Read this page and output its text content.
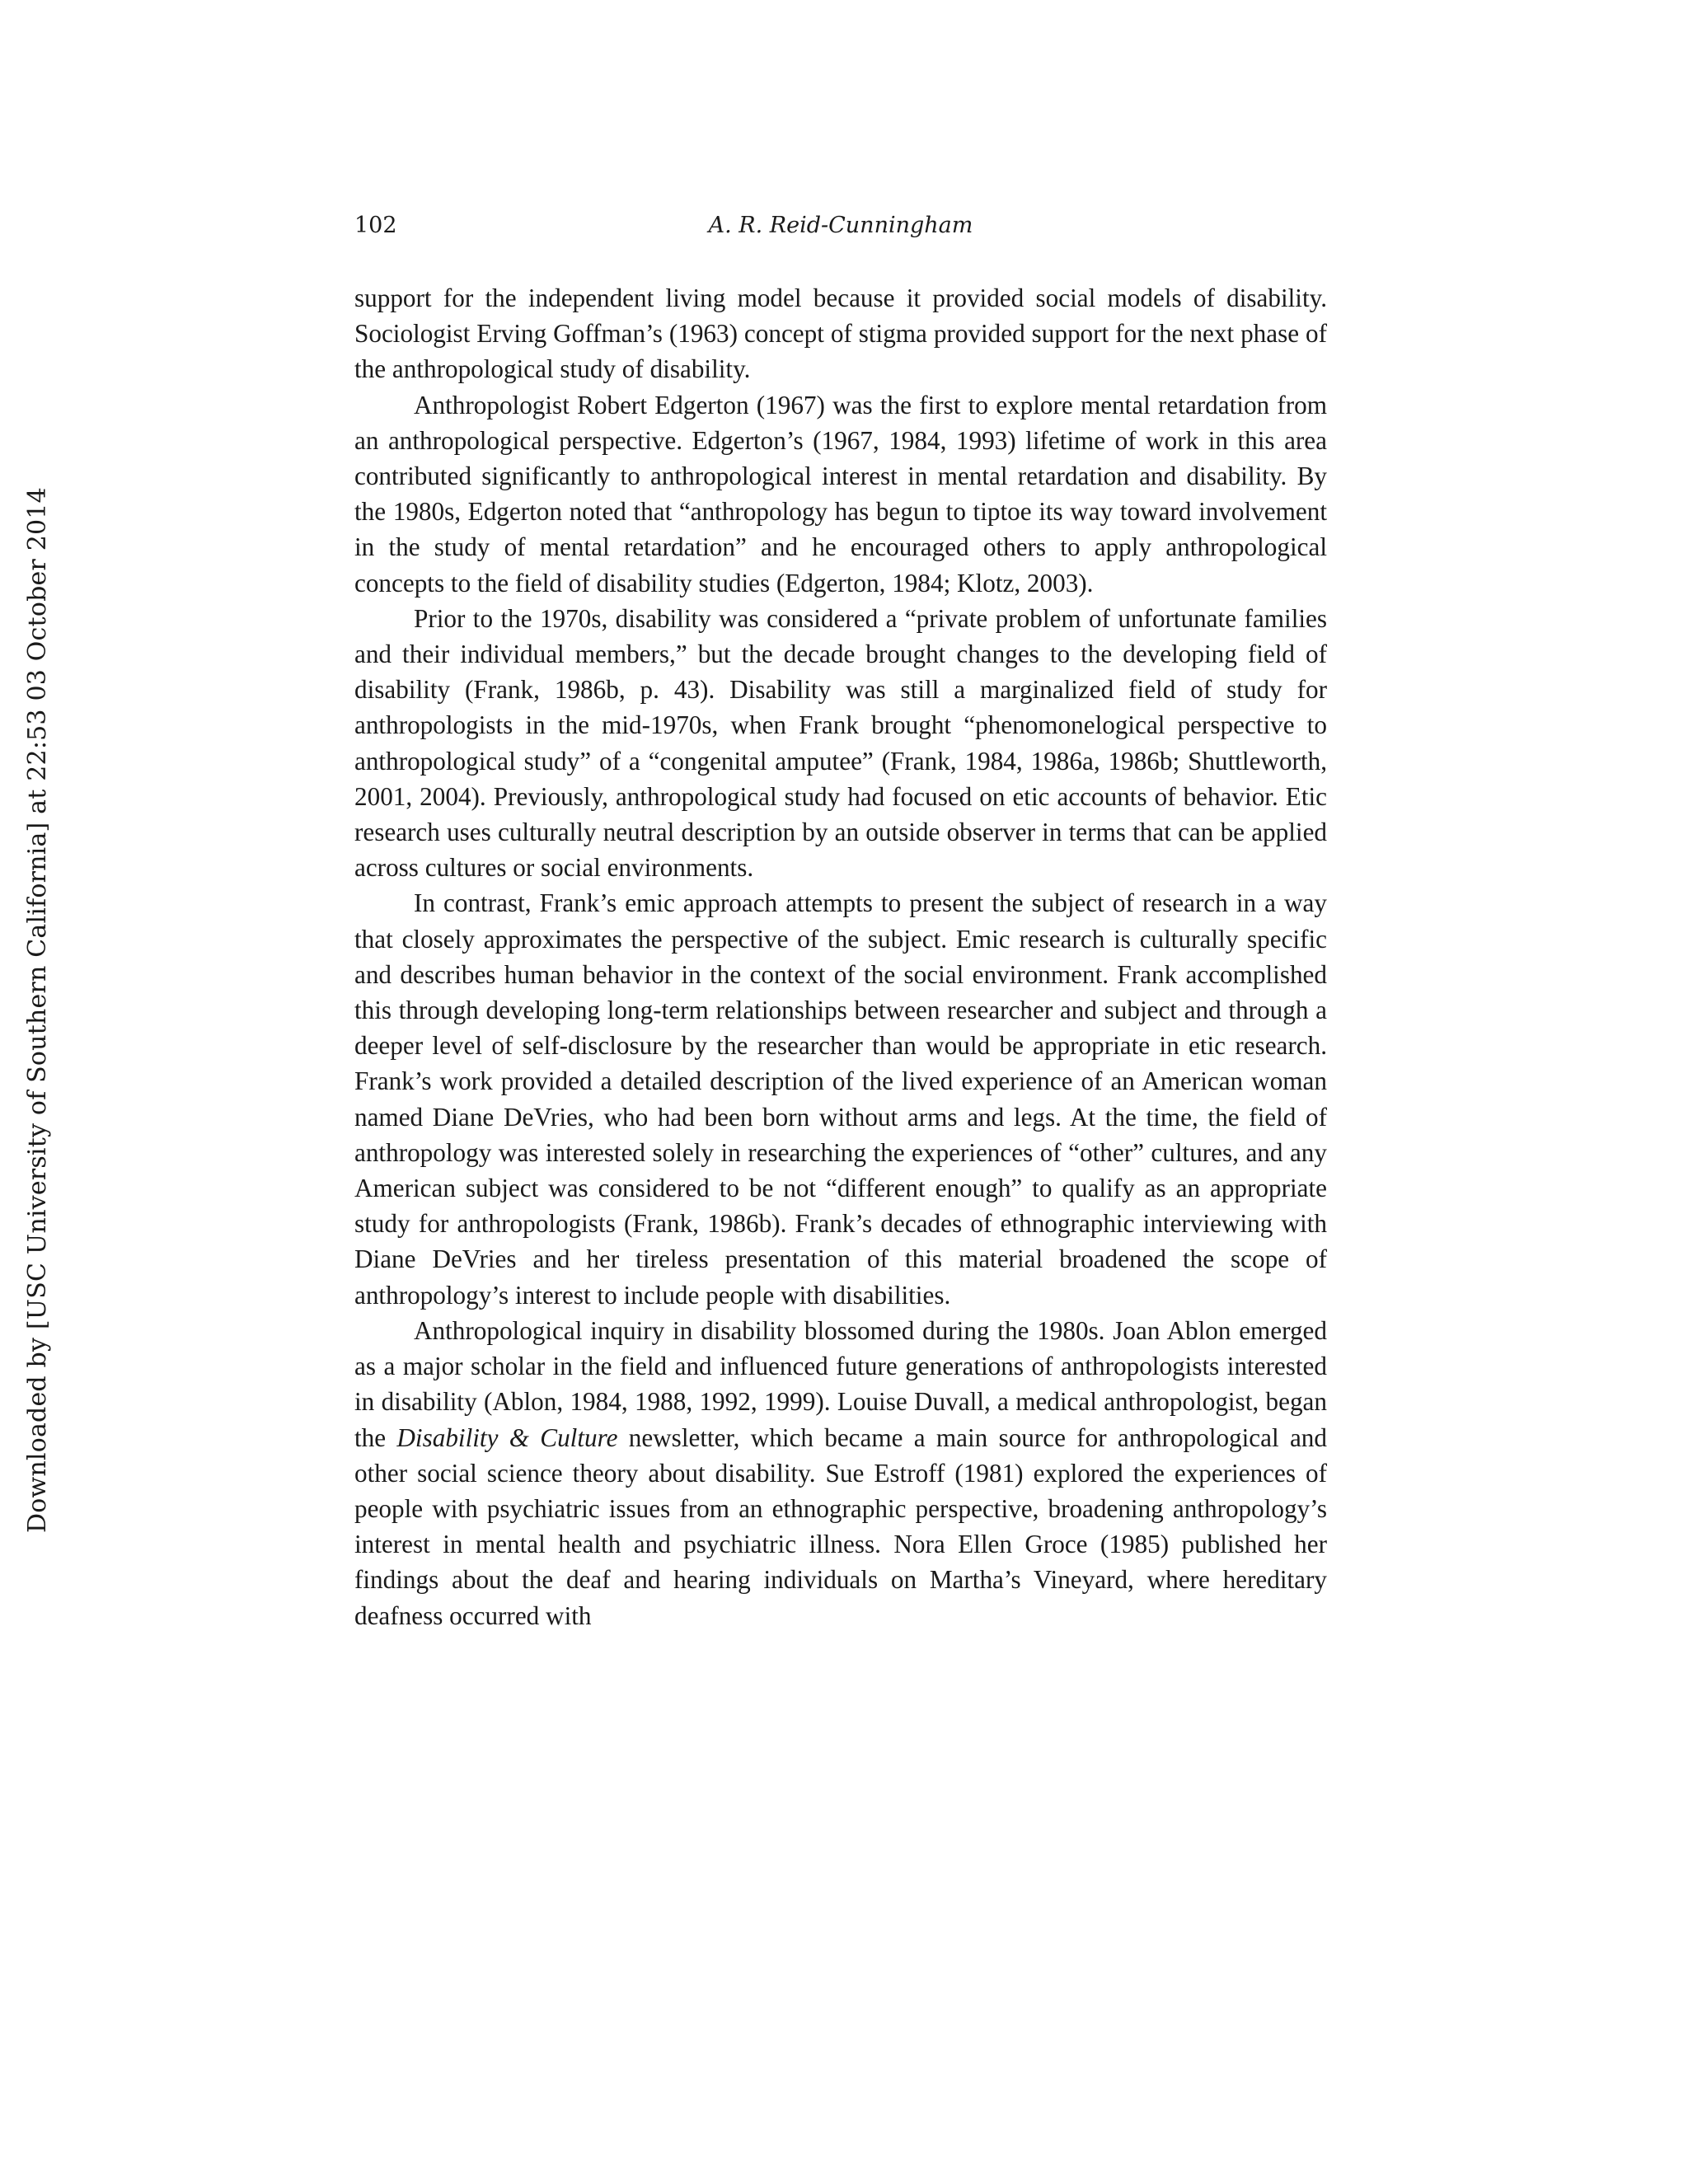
Downloaded by [USC University of Southern California] at 22:53 03 October 2014
102	A. R. Reid-Cunningham

support for the independent living model because it provided social models of disability. Sociologist Erving Goffman’s (1963) concept of stigma provided support for the next phase of the anthropological study of disability.

Anthropologist Robert Edgerton (1967) was the first to explore mental retardation from an anthropological perspective. Edgerton’s (1967, 1984, 1993) lifetime of work in this area contributed significantly to anthropological interest in mental retardation and disability. By the 1980s, Edgerton noted that “anthropology has begun to tiptoe its way toward involvement in the study of mental retardation” and he encouraged others to apply anthropological concepts to the field of disability studies (Edgerton, 1984; Klotz, 2003).

Prior to the 1970s, disability was considered a “private problem of unfortunate families and their individual members,” but the decade brought changes to the developing field of disability (Frank, 1986b, p. 43). Disability was still a marginalized field of study for anthropologists in the mid-1970s, when Frank brought “phenomonelogical perspective to anthropological study” of a “congenital amputee” (Frank, 1984, 1986a, 1986b; Shuttleworth, 2001, 2004). Previously, anthropological study had focused on etic accounts of behavior. Etic research uses culturally neutral description by an outside observer in terms that can be applied across cultures or social environments.

In contrast, Frank’s emic approach attempts to present the subject of research in a way that closely approximates the perspective of the subject. Emic research is culturally specific and describes human behavior in the context of the social environment. Frank accomplished this through developing long-term relationships between researcher and subject and through a deeper level of self-disclosure by the researcher than would be appropriate in etic research. Frank’s work provided a detailed description of the lived experience of an American woman named Diane DeVries, who had been born without arms and legs. At the time, the field of anthropology was interested solely in researching the experiences of “other” cultures, and any American subject was considered to be not “different enough” to qualify as an appropriate study for anthropologists (Frank, 1986b). Frank’s decades of ethnographic interviewing with Diane DeVries and her tireless presentation of this material broadened the scope of anthropology’s interest to include people with disabilities.

Anthropological inquiry in disability blossomed during the 1980s. Joan Ablon emerged as a major scholar in the field and influenced future generations of anthropologists interested in disability (Ablon, 1984, 1988, 1992, 1999). Louise Duvall, a medical anthropologist, began the Disability & Culture newsletter, which became a main source for anthropological and other social science theory about disability. Sue Estroff (1981) explored the experiences of people with psychiatric issues from an ethnographic perspective, broadening anthropology’s interest in mental health and psychiatric illness. Nora Ellen Groce (1985) published her findings about the deaf and hearing individuals on Martha’s Vineyard, where hereditary deafness occurred with
